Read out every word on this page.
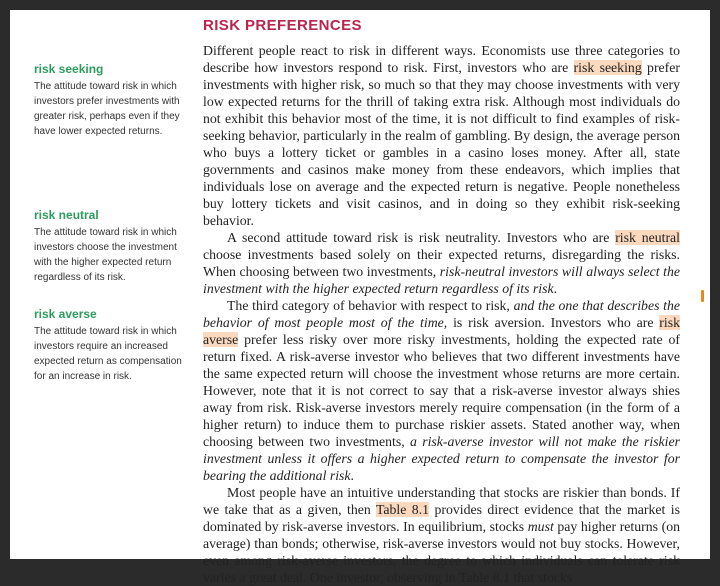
risk seeking
The attitude toward risk in which investors prefer investments with greater risk, perhaps even if they have lower expected returns.
risk neutral
The attitude toward risk in which investors choose the investment with the higher expected return regardless of its risk.
risk averse
The attitude toward risk in which investors require an increased expected return as compensation for an increase in risk.
RISK PREFERENCES

Different people react to risk in different ways. Economists use three categories to describe how investors respond to risk. First, investors who are risk seeking prefer investments with higher risk, so much so that they may choose investments with very low expected returns for the thrill of taking extra risk. Although most individuals do not exhibit this behavior most of the time, it is not difficult to find examples of risk-seeking behavior, particularly in the realm of gambling. By design, the average person who buys a lottery ticket or gambles in a casino loses money. After all, state governments and casinos make money from these endeavors, which implies that individuals lose on average and the expected return is negative. People nonetheless buy lottery tickets and visit casinos, and in doing so they exhibit risk-seeking behavior.

A second attitude toward risk is risk neutrality. Investors who are risk neutral choose investments based solely on their expected returns, disregarding the risks. When choosing between two investments, risk-neutral investors will always select the investment with the higher expected return regardless of its risk.

The third category of behavior with respect to risk, and the one that describes the behavior of most people most of the time, is risk aversion. Investors who are risk averse prefer less risky over more risky investments, holding the expected rate of return fixed. A risk-averse investor who believes that two different investments have the same expected return will choose the investment whose returns are more certain. However, note that it is not correct to say that a risk-averse investor always shies away from risk. Risk-averse investors merely require compensation (in the form of a higher return) to induce them to purchase riskier assets. Stated another way, when choosing between two investments, a risk-averse investor will not make the riskier investment unless it offers a higher expected return to compensate the investor for bearing the additional risk.

Most people have an intuitive understanding that stocks are riskier than bonds. If we take that as a given, then Table 8.1 provides direct evidence that the market is dominated by risk-averse investors. In equilibrium, stocks must pay higher returns (on average) than bonds; otherwise, risk-averse investors would not buy stocks. However, even among risk-averse investors, the degree to which individuals can tolerate risk varies a great deal. One investor, observing in Table 8.1 that stocks
